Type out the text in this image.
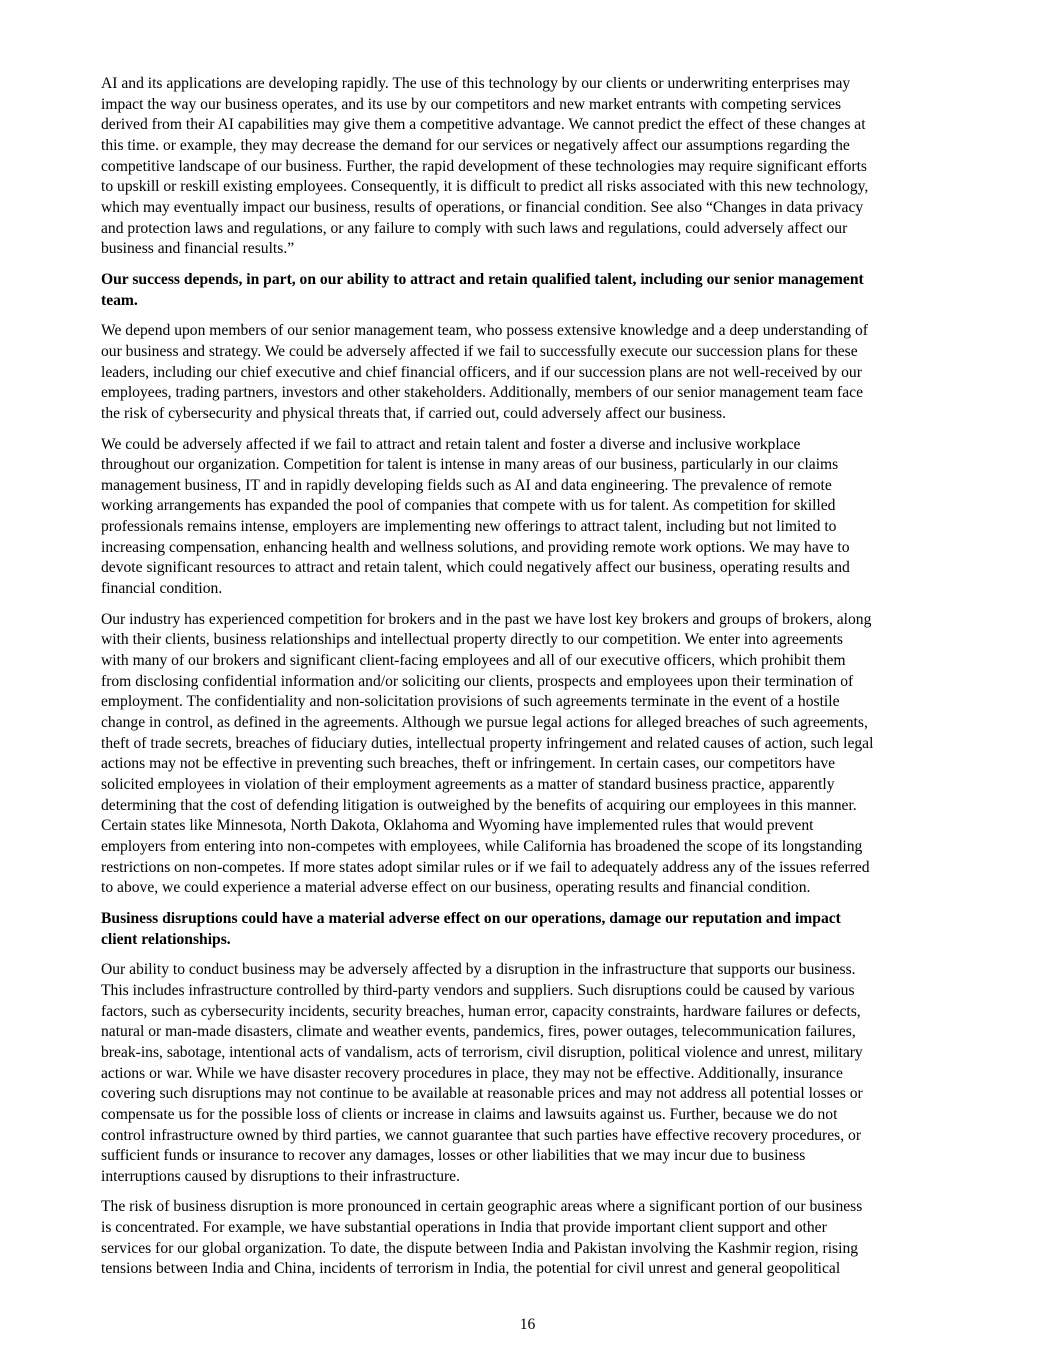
AI and its applications are developing rapidly. The use of this technology by our clients or underwriting enterprises may
impact the way our business operates, and its use by our competitors and new market entrants with competing services
derived from their AI capabilities may give them a competitive advantage. We cannot predict the effect of these changes at
this time. or example, they may decrease the demand for our services or negatively affect our assumptions regarding the
competitive landscape of our business. Further, the rapid development of these technologies may require significant efforts
to upskill or reskill existing employees. Consequently, it is difficult to predict all risks associated with this new technology,
which may eventually impact our business, results of operations, or financial condition. See also “Changes in data privacy
and protection laws and regulations, or any failure to comply with such laws and regulations, could adversely affect our
business and financial results.”
Our success depends, in part, on our ability to attract and retain qualified talent, including our senior management
team.
We depend upon members of our senior management team, who possess extensive knowledge and a deep understanding of
our business and strategy. We could be adversely affected if we fail to successfully execute our succession plans for these
leaders, including our chief executive and chief financial officers, and if our succession plans are not well-received by our
employees, trading partners, investors and other stakeholders. Additionally, members of our senior management team face
the risk of cybersecurity and physical threats that, if carried out, could adversely affect our business.
We could be adversely affected if we fail to attract and retain talent and foster a diverse and inclusive workplace
throughout our organization. Competition for talent is intense in many areas of our business, particularly in our claims
management business, IT and in rapidly developing fields such as AI and data engineering. The prevalence of remote
working arrangements has expanded the pool of companies that compete with us for talent. As competition for skilled
professionals remains intense, employers are implementing new offerings to attract talent, including but not limited to
increasing compensation, enhancing health and wellness solutions, and providing remote work options. We may have to
devote significant resources to attract and retain talent, which could negatively affect our business, operating results and
financial condition.
Our industry has experienced competition for brokers and in the past we have lost key brokers and groups of brokers, along
with their clients, business relationships and intellectual property directly to our competition. We enter into agreements
with many of our brokers and significant client-facing employees and all of our executive officers, which prohibit them
from disclosing confidential information and/or soliciting our clients, prospects and employees upon their termination of
employment. The confidentiality and non-solicitation provisions of such agreements terminate in the event of a hostile
change in control, as defined in the agreements. Although we pursue legal actions for alleged breaches of such agreements,
theft of trade secrets, breaches of fiduciary duties, intellectual property infringement and related causes of action, such legal
actions may not be effective in preventing such breaches, theft or infringement. In certain cases, our competitors have
solicited employees in violation of their employment agreements as a matter of standard business practice, apparently
determining that the cost of defending litigation is outweighed by the benefits of acquiring our employees in this manner.
Certain states like Minnesota, North Dakota, Oklahoma and Wyoming have implemented rules that would prevent
employers from entering into non-competes with employees, while California has broadened the scope of its longstanding
restrictions on non-competes. If more states adopt similar rules or if we fail to adequately address any of the issues referred
to above, we could experience a material adverse effect on our business, operating results and financial condition.
Business disruptions could have a material adverse effect on our operations, damage our reputation and impact
client relationships.
Our ability to conduct business may be adversely affected by a disruption in the infrastructure that supports our business.
This includes infrastructure controlled by third-party vendors and suppliers. Such disruptions could be caused by various
factors, such as cybersecurity incidents, security breaches, human error, capacity constraints, hardware failures or defects,
natural or man-made disasters, climate and weather events, pandemics, fires, power outages, telecommunication failures,
break-ins, sabotage, intentional acts of vandalism, acts of terrorism, civil disruption, political violence and unrest, military
actions or war. While we have disaster recovery procedures in place, they may not be effective. Additionally, insurance
covering such disruptions may not continue to be available at reasonable prices and may not address all potential losses or
compensate us for the possible loss of clients or increase in claims and lawsuits against us. Further, because we do not
control infrastructure owned by third parties, we cannot guarantee that such parties have effective recovery procedures, or
sufficient funds or insurance to recover any damages, losses or other liabilities that we may incur due to business
interruptions caused by disruptions to their infrastructure.
The risk of business disruption is more pronounced in certain geographic areas where a significant portion of our business
is concentrated. For example, we have substantial operations in India that provide important client support and other
services for our global organization. To date, the dispute between India and Pakistan involving the Kashmir region, rising
tensions between India and China, incidents of terrorism in India, the potential for civil unrest and general geopolitical
16
